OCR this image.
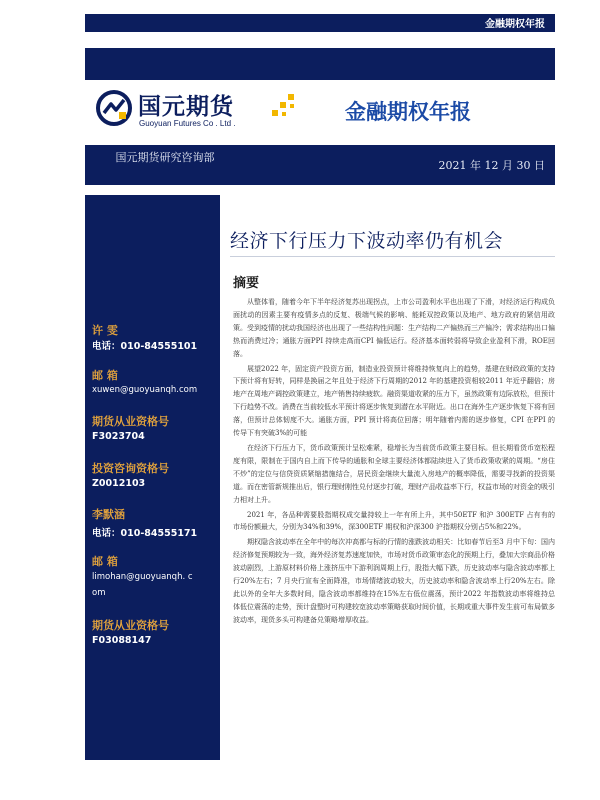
金融期权年报
国元期货
Guoyuan Futures Co . Ltd .	金融期权年报
国元期货研究咨询部
2021 年 12 月 30 日
许 雯
电话：010-84555101
邮 箱
xuwen@guoyuanqh.com
期货从业资格号
F3023704
投资咨询资格号
Z0012103
李默涵
电话：010-84555171
邮 箱
limohan@guoyuanqh. c
om
期货从业资格号
F03088147
经济下行压力下波动率仍有机会
摘要

从整体看，随着今年下半年经济复苏出现拐点，上市公司盈利水平也出现了下滑，对经济运行构成负面扰动的因素主要有疫情多点的反复、极端气候的影响、能耗双控政策以及地产、地方政府的紧信用政策。受到疫情的扰动我国经济也出现了一些结构性问题：生产结构二产偏热而三产偏冷；需求结构出口偏热而消费过冷；通胀方面PPI 持续走高而CPI 偏低运行。经济基本面转弱将导致企业盈利下滑，ROE回落。

展望2022 年，固定资产投资方面，制造业投资预计将维持恢复向上的趋势，基建在财政政策的支持下预计将有好转，同样是换届之年且处于经济下行周期的2012 年的基建投资相较2011 年近乎翻倍；房地产在周地产调控政策建立，地产销售持续疲软。融资渠道收紧的压力下，虽然政策有边际放松，但预计下行趋势不改。消费在当前较低水平预计将逐步恢复到潜在水平附近。出口在海外生产逐步恢复下将有回落，但预计总体韧度不大。通胀方面，PPI 预计将高位回落；明年随着内需的逐步修复，CPI 在PPI 的传导下有突破3%的可能

在经济下行压力下，货币政策预计呈松难紧，稳增长为当前货币政策主要目标。但长期看货币宽松程度有限，限制在于国内自上而下传导的通胀和全球主要经济体都陆续进入了货币政策收紧的周期。“房住不炒”的定位与信贷资质紧缩措施结合，居民资金继续大量流入房地产的概率降低，需要寻找新的投资渠道。而在密管新规推出后，银行理财刚性兑付逐步打破，理财产品收益率下行，权益市场的对资金的吸引力相对上升。

2021 年，各品种需要股指期权成交量持较上一年有所上升，其中50ETF 和沪 300ETF 占有有的市场份额最大，分别为34%和39%，深300ETF 期权和沪深300 沪指期权分别占5%和22%。

期权隐含波动率在全年中的每次冲高都与标的行情的涨跌波动相关：比如春节后至3 月中下旬：国内经济修复预期较为一致，海外经济复苏速度加快，市场对货币政策审态化的预期上行，叠加大宗商品价格波动剧烈，上游原材料价格上涨挤压中下游利润周期上行，股指大幅下跌，历史波动率与隐含波动率都上行20%左右；7 月央行宣布全面降准，市场情绪波动较大，历史波动率和隐含波动率上行20%左右。除此以外的全年大多数时间，隐含波动率都维持在15%左右低位震荡，预计2022 年指数波动率将维持总体低位震荡的走势，预计盘整时可构建较宽波动率策略获取时间价值，长期或重大事件发生前可布局做多波动率，现货多头可构建备兑策略增厚收益。
